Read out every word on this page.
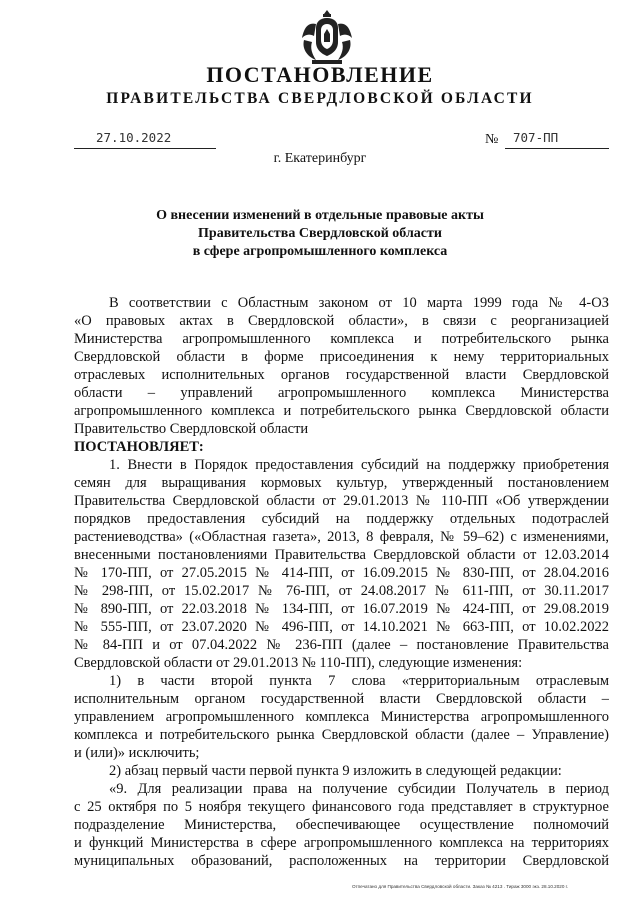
ПОСТАНОВЛЕНИЕ
ПРАВИТЕЛЬСТВА СВЕРДЛОВСКОЙ ОБЛАСТИ
27.10.2022	№	707-ПП
г. Екатеринбург
О внесении изменений в отдельные правовые акты
Правительства Свердловской области
в сфере агропромышленного комплекса
В соответствии с Областным законом от 10 марта 1999 года № 4-ОЗ
«О правовых актах в Свердловской области», в связи с реорганизацией
Министерства агропромышленного комплекса и потребительского рынка
Свердловской области в форме присоединения к нему территориальных
отраслевых исполнительных органов государственной власти Свердловской
области – управлений агропромышленного комплекса Министерства
агропромышленного комплекса и потребительского рынка Свердловской области
Правительство Свердловской области
ПОСТАНОВЛЯЕТ:
1. Внести в Порядок предоставления субсидий на поддержку приобретения
семян для выращивания кормовых культур, утвержденный постановлением
Правительства Свердловской области от 29.01.2013 № 110-ПП «Об утверждении
порядков предоставления субсидий на поддержку отдельных подотраслей
растениеводства» («Областная газета», 2013, 8 февраля, № 59–62) с изменениями,
внесенными постановлениями Правительства Свердловской области от 12.03.2014
№ 170-ПП, от 27.05.2015 № 414-ПП, от 16.09.2015 № 830-ПП, от 28.04.2016
№ 298-ПП, от 15.02.2017 № 76-ПП, от 24.08.2017 № 611-ПП, от 30.11.2017
№ 890-ПП, от 22.03.2018 № 134-ПП, от 16.07.2019 № 424-ПП, от 29.08.2019
№ 555-ПП, от 23.07.2020 № 496-ПП, от 14.10.2021 № 663-ПП, от 10.02.2022
№ 84-ПП и от 07.04.2022 № 236-ПП (далее – постановление Правительства
Свердловской области от 29.01.2013 № 110-ПП), следующие изменения:
1) в части второй пункта 7 слова «территориальным отраслевым
исполнительным органом государственной власти Свердловской области –
управлением агропромышленного комплекса Министерства агропромышленного
комплекса и потребительского рынка Свердловской области (далее – Управление)
и (или)» исключить;
2) абзац первый части первой пункта 9 изложить в следующей редакции:
«9. Для реализации права на получение субсидии Получатель в период
с 25 октября по 5 ноября текущего финансового года представляет в структурное
подразделение Министерства, обеспечивающее осуществление полномочий
и функций Министерства в сфере агропромышленного комплекса на территориях
муниципальных образований, расположенных на территории Свердловской
Отпечатано для Правительства Свердловской области. Заказ № 4213 . Тираж 3000 экз. 28.10.2020 г.
